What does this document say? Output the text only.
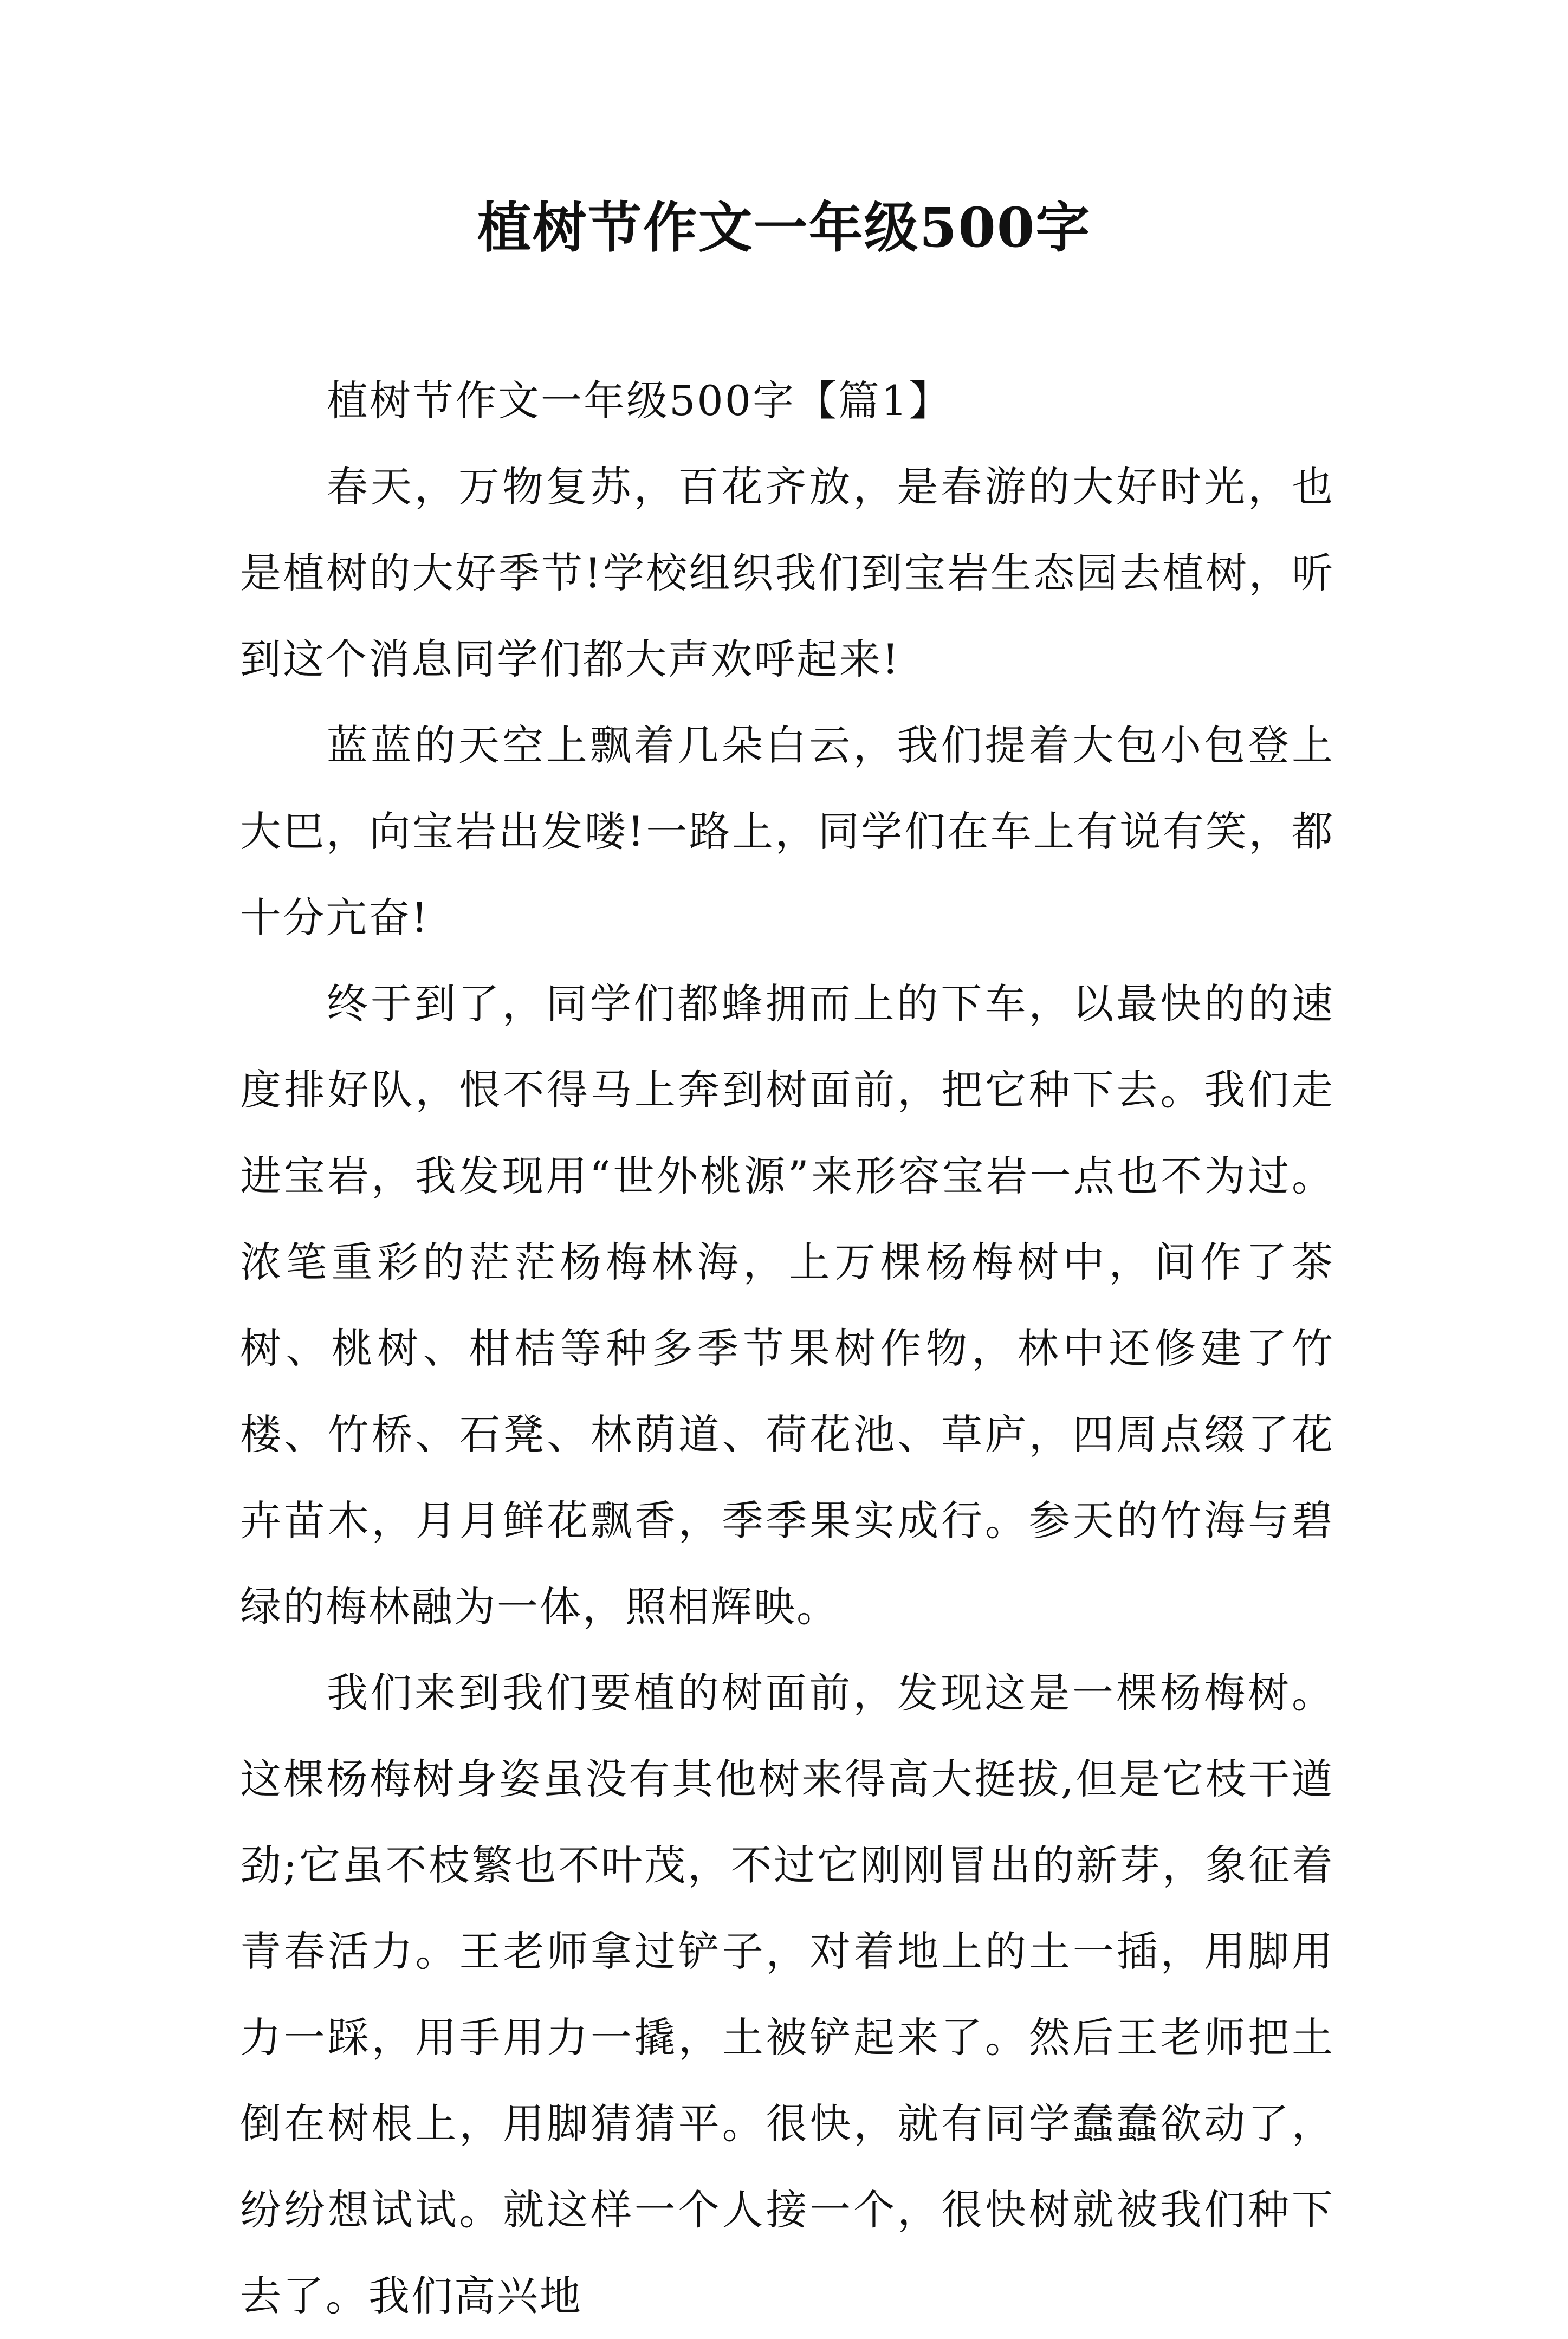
植树节作文一年级500字

植树节作文一年级500字【篇1】

春天，万物复苏，百花齐放，是春游的大好时光，也是植树的大好季节!学校组织我们到宝岩生态园去植树，听到这个消息同学们都大声欢呼起来!

蓝蓝的天空上飘着几朵白云，我们提着大包小包登上大巴，向宝岩出发喽!一路上，同学们在车上有说有笑，都十分亢奋!

终于到了，同学们都蜂拥而上的下车，以最快的的速度排好队，恨不得马上奔到树面前，把它种下去。我们走进宝岩，我发现用“世外桃源”来形容宝岩一点也不为过。浓笔重彩的茫茫杨梅林海，上万棵杨梅树中，间作了茶树、桃树、柑桔等种多季节果树作物，林中还修建了竹楼、竹桥、石凳、林荫道、荷花池、草庐，四周点缀了花卉苗木，月月鲜花飘香，季季果实成行。参天的竹海与碧绿的梅林融为一体，照相辉映。

我们来到我们要植的树面前，发现这是一棵杨梅树。这棵杨梅树身姿虽没有其他树来得高大挺拔,但是它枝干遒劲;它虽不枝繁也不叶茂，不过它刚刚冒出的新芽，象征着青春活力。王老师拿过铲子，对着地上的土一插，用脚用力一踩，用手用力一撬，土被铲起来了。然后王老师把土倒在树根上，用脚猜猜平。很快，就有同学蠢蠢欲动了，纷纷想试试。就这样一个人接一个，很快树就被我们种下去了。我们高兴地
